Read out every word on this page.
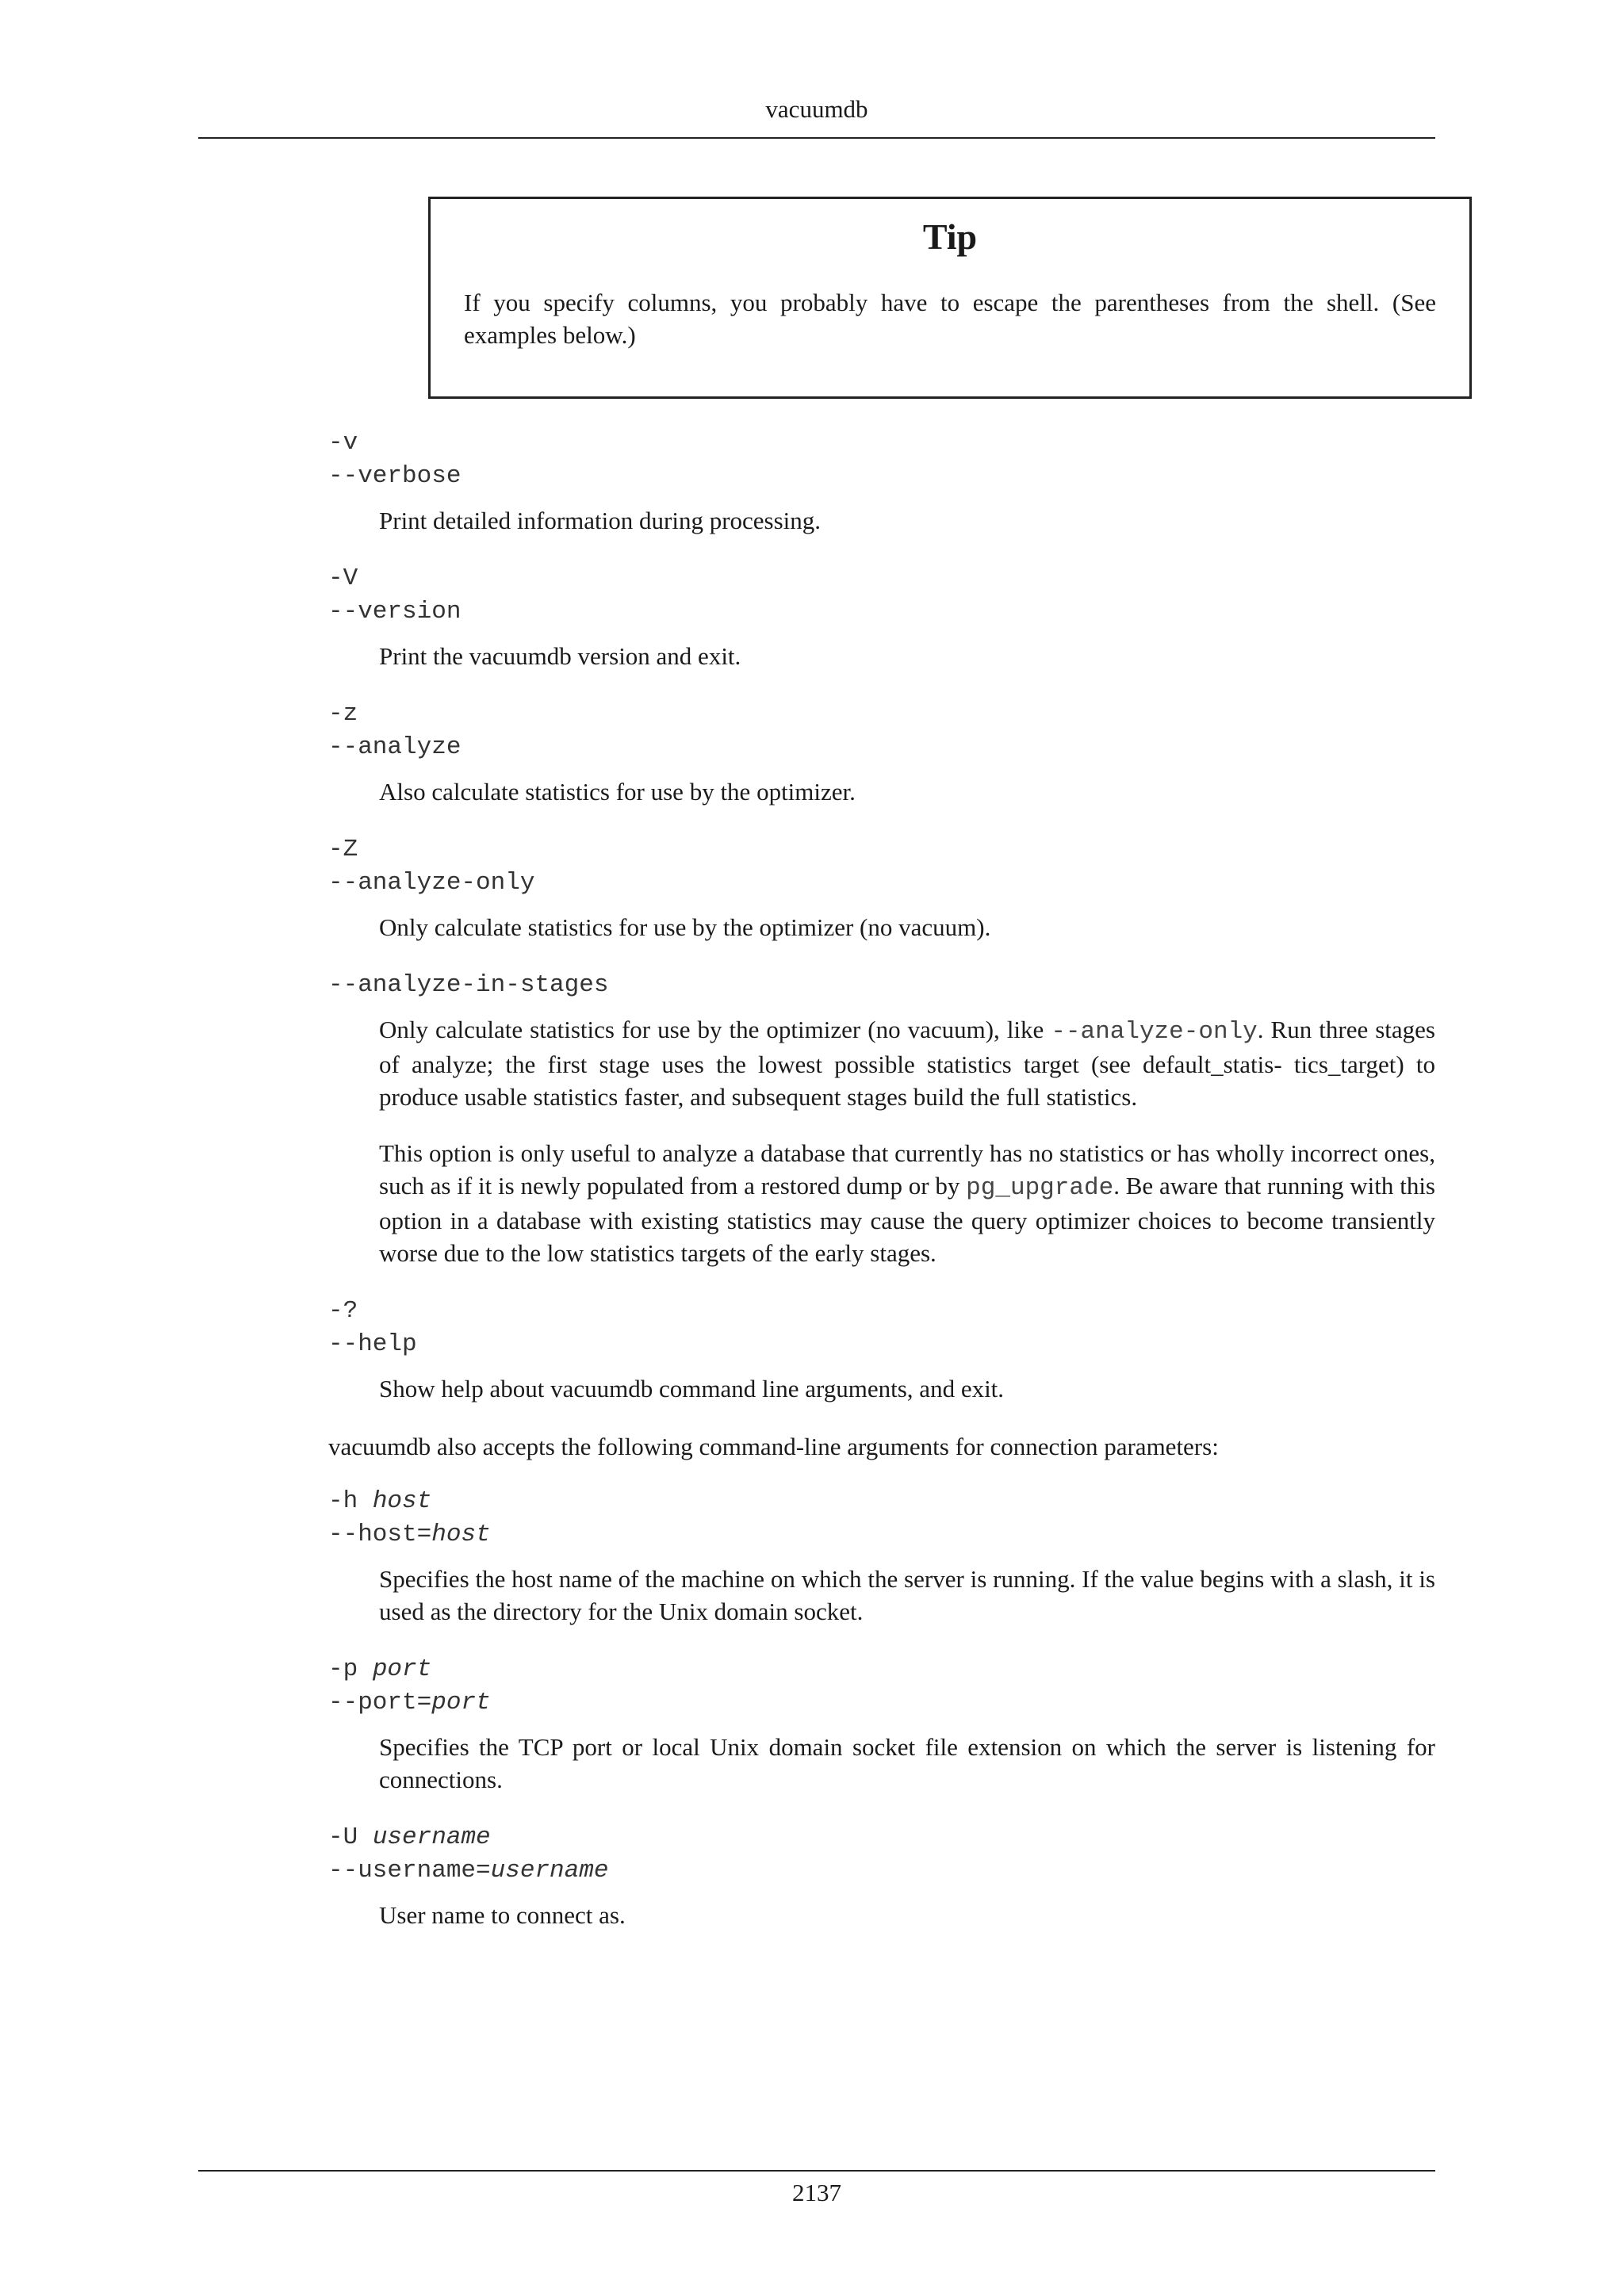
vacuumdb
Tip
If you specify columns, you probably have to escape the parentheses from the shell. (See examples below.)
-v
--verbose

Print detailed information during processing.

-V
--version

Print the vacuumdb version and exit.

-z
--analyze

Also calculate statistics for use by the optimizer.

-Z
--analyze-only

Only calculate statistics for use by the optimizer (no vacuum).

--analyze-in-stages

Only calculate statistics for use by the optimizer (no vacuum), like --analyze-only. Run three stages of analyze; the first stage uses the lowest possible statistics target (see default_statis- tics_target) to produce usable statistics faster, and subsequent stages build the full statistics.

This option is only useful to analyze a database that currently has no statistics or has wholly incorrect ones, such as if it is newly populated from a restored dump or by pg_upgrade. Be aware that running with this option in a database with existing statistics may cause the query optimizer choices to become transiently worse due to the low statistics targets of the early stages.

-?
--help

Show help about vacuumdb command line arguments, and exit.

vacuumdb also accepts the following command-line arguments for connection parameters:

-h host
--host=host

Specifies the host name of the machine on which the server is running. If the value begins with a slash, it is used as the directory for the Unix domain socket.

-p port
--port=port

Specifies the TCP port or local Unix domain socket file extension on which the server is listening for connections.

-U username
--username=username

User name to connect as.

2137
